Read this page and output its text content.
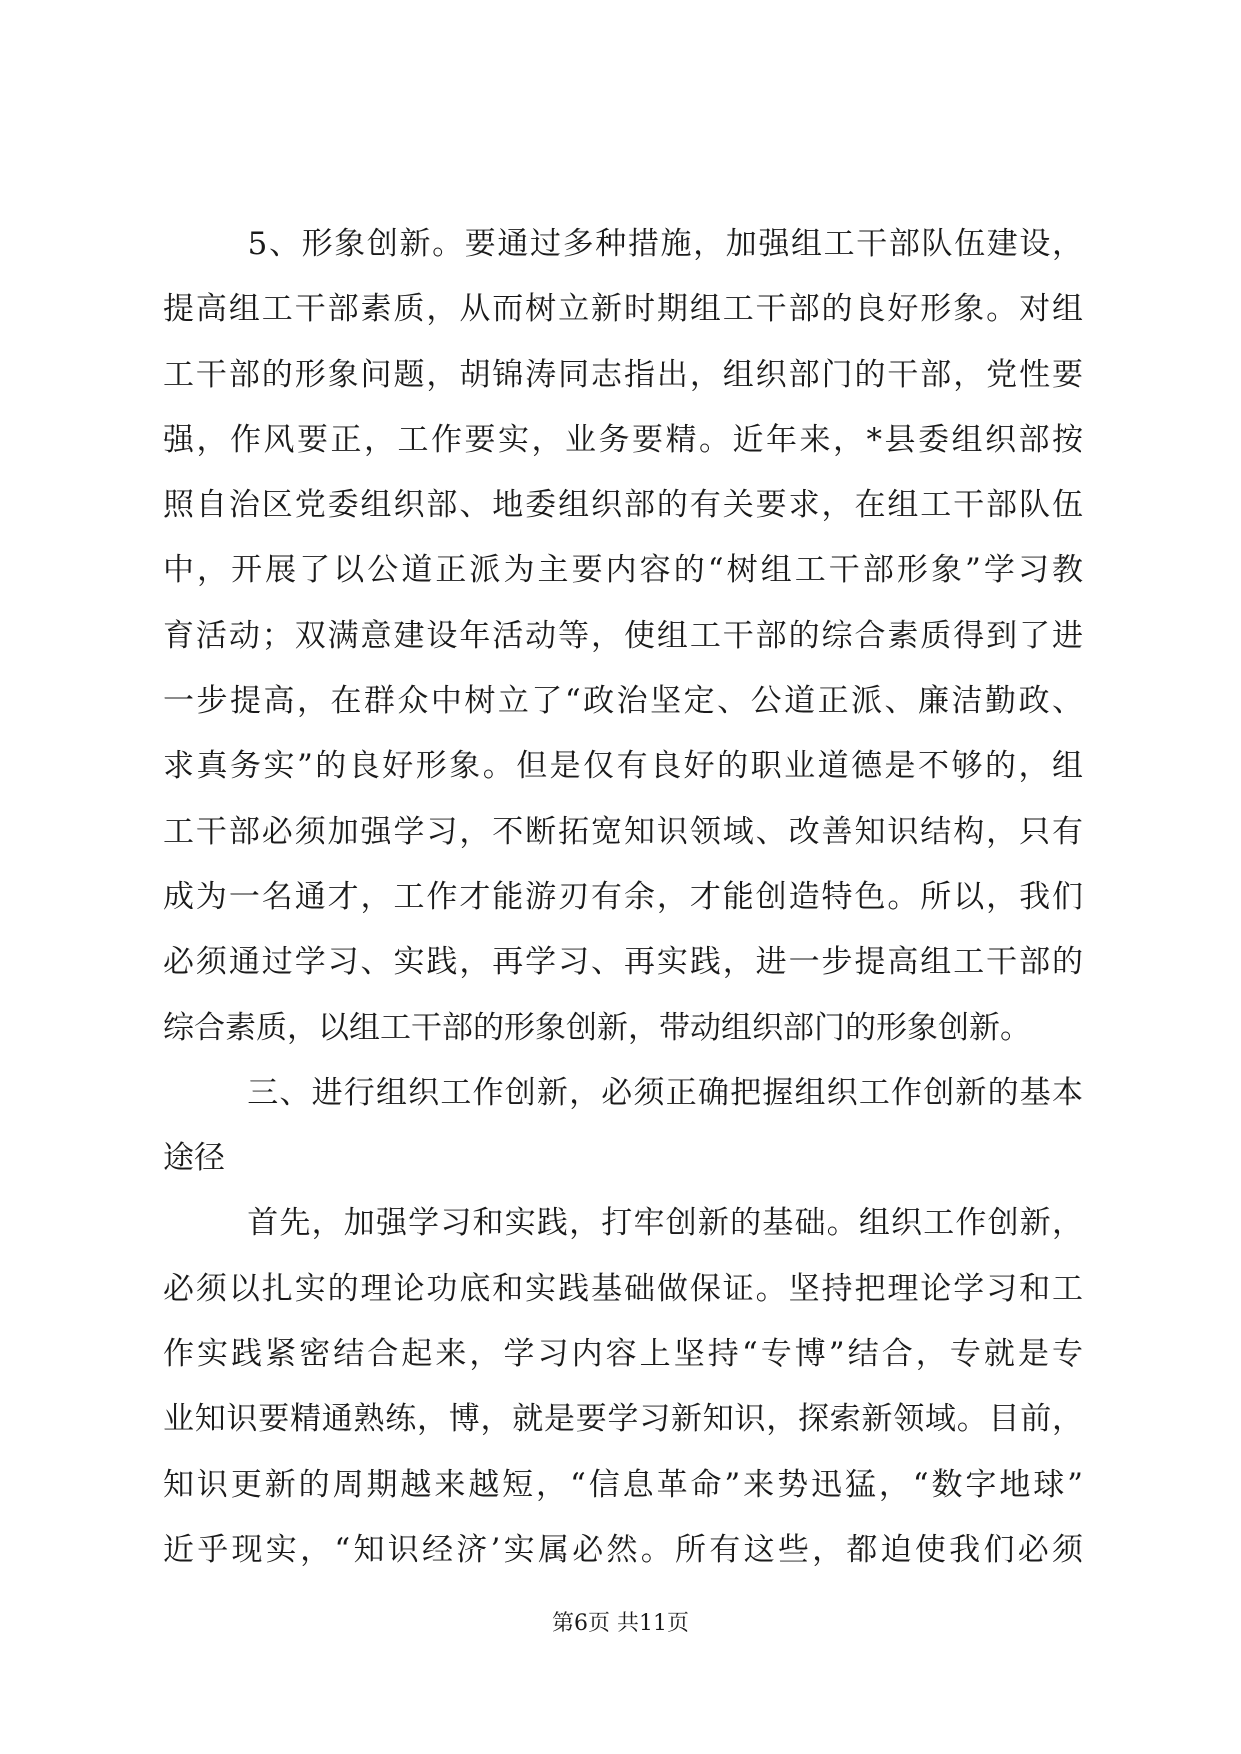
　5、形象创新。要通过多种措施，加强组工干部队伍建设，
提高组工干部素质，从而树立新时期组工干部的良好形象。对组
工干部的形象问题，胡锦涛同志指出，组织部门的干部，党性要
强，作风要正，工作要实，业务要精。近年来，*县委组织部按
照自治区党委组织部、地委组织部的有关要求，在组工干部队伍
中，开展了以公道正派为主要内容的“树组工干部形象”学习教
育活动；双满意建设年活动等，使组工干部的综合素质得到了进
一步提高，在群众中树立了“政治坚定、公道正派、廉洁勤政、
求真务实”的良好形象。但是仅有良好的职业道德是不够的，组
工干部必须加强学习，不断拓宽知识领域、改善知识结构，只有
成为一名通才，工作才能游刃有余，才能创造特色。所以，我们
必须通过学习、实践，再学习、再实践，进一步提高组工干部的
综合素质，以组工干部的形象创新，带动组织部门的形象创新。
　三、进行组织工作创新，必须正确把握组织工作创新的基本
途径
　首先，加强学习和实践，打牢创新的基础。组织工作创新，
必须以扎实的理论功底和实践基础做保证。坚持把理论学习和工
作实践紧密结合起来，学习内容上坚持“专博”结合，专就是专
业知识要精通熟练，博，就是要学习新知识，探索新领域。目前，
知识更新的周期越来越短，“信息革命”来势迅猛，“数字地球”
近乎现实，“知识经济’实属必然。所有这些，都迫使我们必须
第6页 共11页
